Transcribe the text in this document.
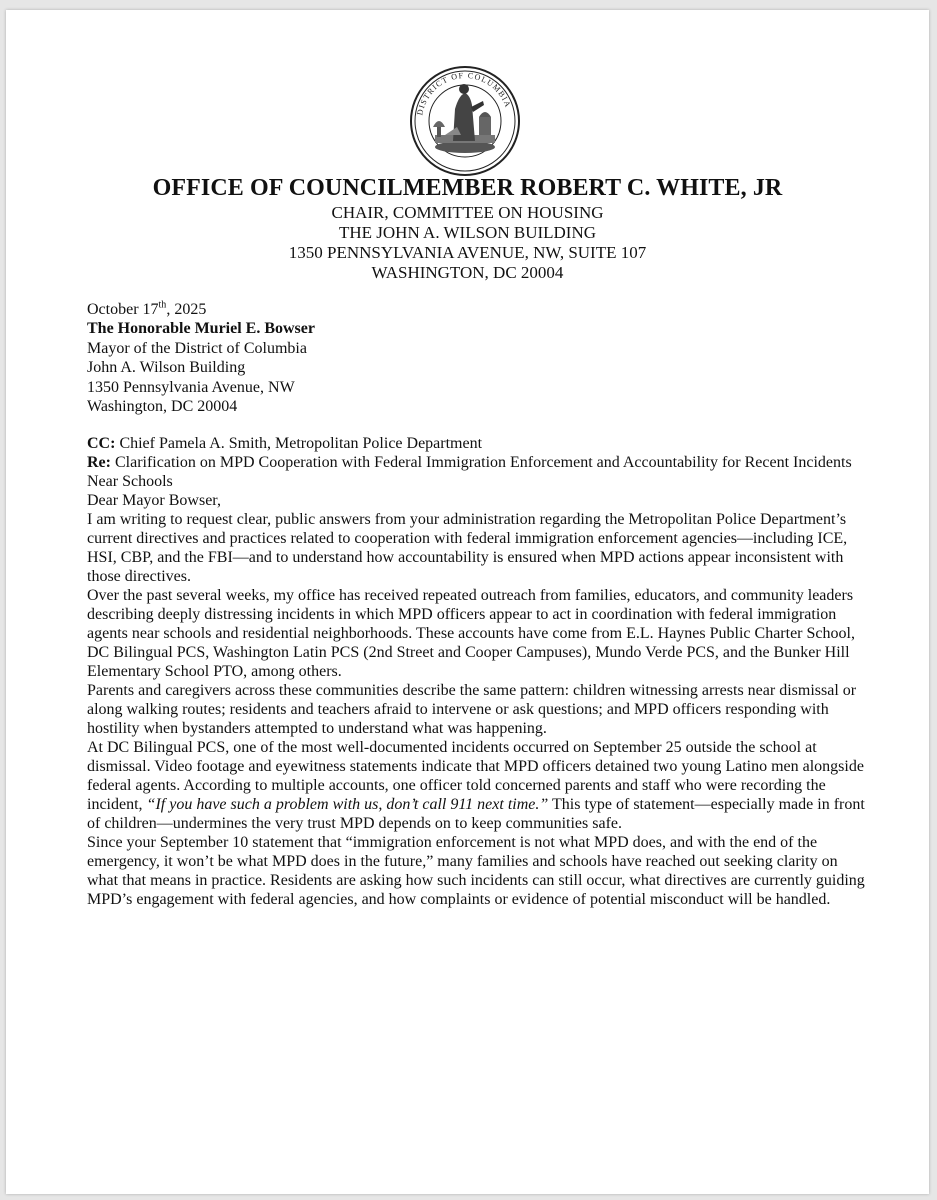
DISTRICT OF COLUMBIA
OFFICE OF COUNCILMEMBER ROBERT C. WHITE, JR
CHAIR, COMMITTEE ON HOUSING
THE JOHN A. WILSON BUILDING
1350 PENNSYLVANIA AVENUE, NW, SUITE 107
WASHINGTON, DC 20004

October 17th, 2025

The Honorable Muriel E. Bowser
Mayor of the District of Columbia
John A. Wilson Building
1350 Pennsylvania Avenue, NW
Washington, DC 20004

CC: Chief Pamela A. Smith, Metropolitan Police Department

Re: Clarification on MPD Cooperation with Federal Immigration Enforcement and Accountability for Recent Incidents Near Schools

Dear Mayor Bowser,

I am writing to request clear, public answers from your administration regarding the Metropolitan Police Department’s current directives and practices related to cooperation with federal immigration enforcement agencies—including ICE, HSI, CBP, and the FBI—and to understand how accountability is ensured when MPD actions appear inconsistent with those directives.

Over the past several weeks, my office has received repeated outreach from families, educators, and community leaders describing deeply distressing incidents in which MPD officers appear to act in coordination with federal immigration agents near schools and residential neighborhoods. These accounts have come from E.L. Haynes Public Charter School, DC Bilingual PCS, Washington Latin PCS (2nd Street and Cooper Campuses), Mundo Verde PCS, and the Bunker Hill Elementary School PTO, among others.

Parents and caregivers across these communities describe the same pattern: children witnessing arrests near dismissal or along walking routes; residents and teachers afraid to intervene or ask questions; and MPD officers responding with hostility when bystanders attempted to understand what was happening.

At DC Bilingual PCS, one of the most well-documented incidents occurred on September 25 outside the school at dismissal. Video footage and eyewitness statements indicate that MPD officers detained two young Latino men alongside federal agents. According to multiple accounts, one officer told concerned parents and staff who were recording the incident, “If you have such a problem with us, don’t call 911 next time.” This type of statement—especially made in front of children—undermines the very trust MPD depends on to keep communities safe.

Since your September 10 statement that “immigration enforcement is not what MPD does, and with the end of the emergency, it won’t be what MPD does in the future,” many families and schools have reached out seeking clarity on what that means in practice. Residents are asking how such incidents can still occur, what directives are currently guiding MPD’s engagement with federal agencies, and how complaints or evidence of potential misconduct will be handled.
